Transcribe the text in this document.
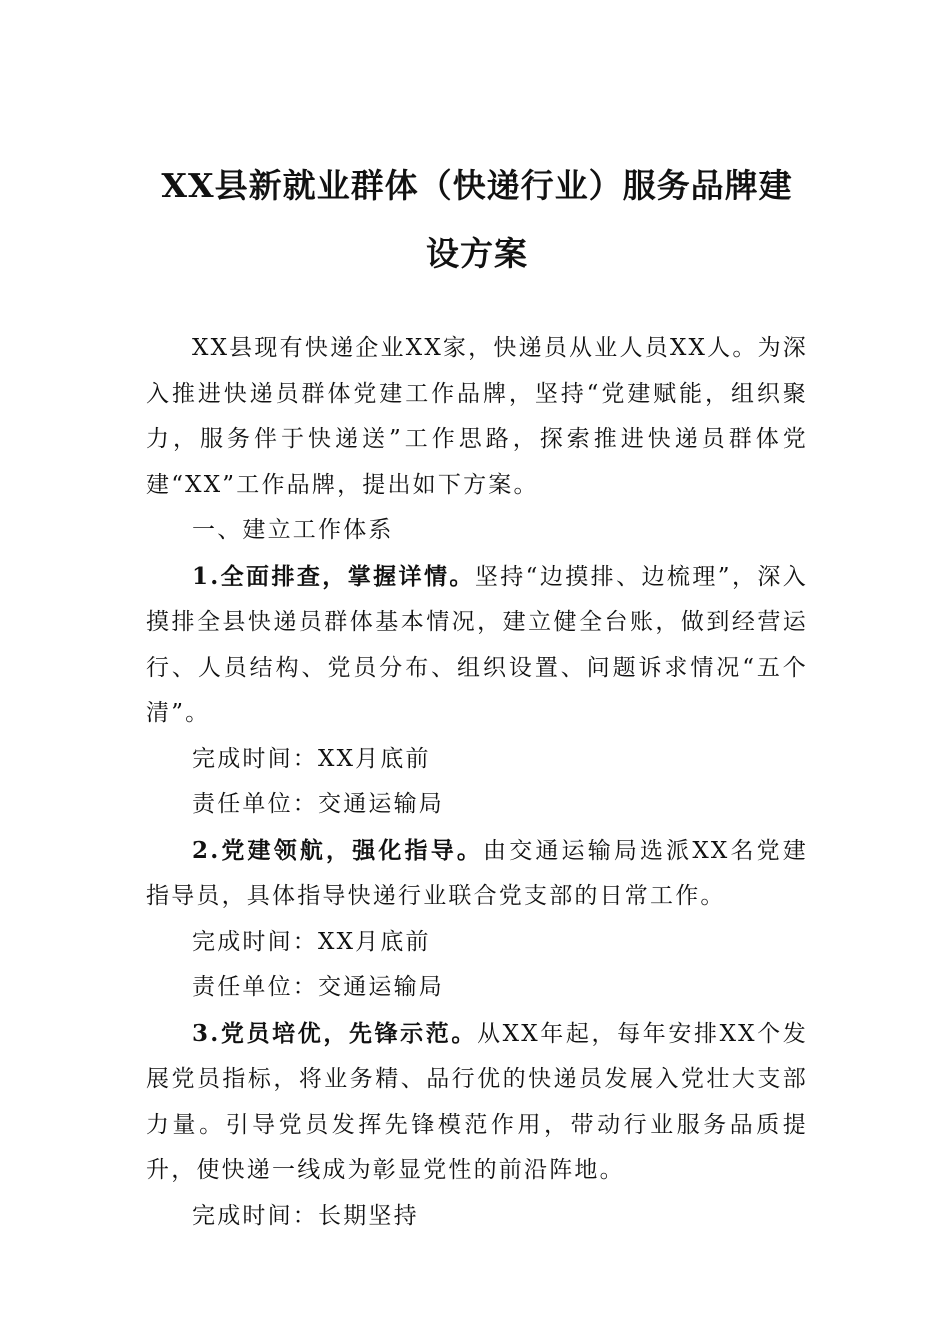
XX县新就业群体（快递行业）服务品牌建设方案

XX县现有快递企业XX家，快递员从业人员XX人。为深入推进快递员群体党建工作品牌，坚持“党建赋能，组织聚力，服务伴于快递送”工作思路，探索推进快递员群体党建“XX”工作品牌，提出如下方案。

一、建立工作体系

1.全面排查，掌握详情。坚持“边摸排、边梳理”，深入摸排全县快递员群体基本情况，建立健全台账，做到经营运行、人员结构、党员分布、组织设置、问题诉求情况“五个清”。

完成时间：XX月底前

责任单位：交通运输局

2.党建领航，强化指导。由交通运输局选派XX名党建指导员，具体指导快递行业联合党支部的日常工作。

完成时间：XX月底前

责任单位：交通运输局

3.党员培优，先锋示范。从XX年起，每年安排XX个发展党员指标，将业务精、品行优的快递员发展入党壮大支部力量。引导党员发挥先锋模范作用，带动行业服务品质提升，使快递一线成为彰显党性的前沿阵地。

完成时间：长期坚持
